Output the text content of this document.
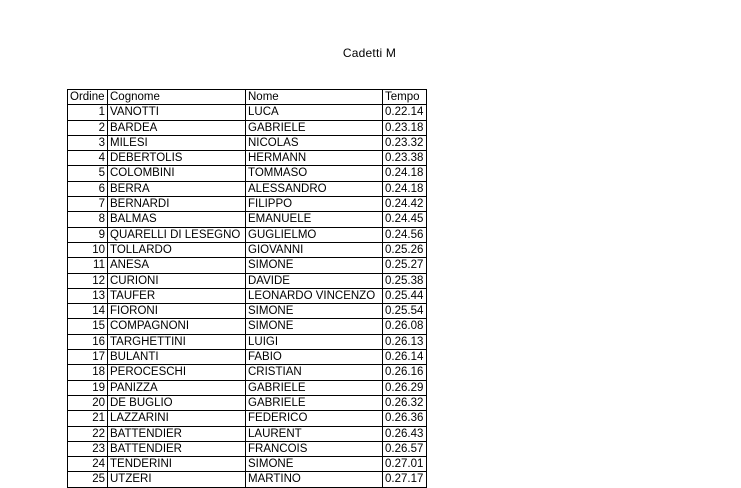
Cadetti M
Ordine	Cognome	Nome	Tempo
1	VANOTTI	LUCA	0.22.14
2	BARDEA	GABRIELE	0.23.18
3	MILESI	NICOLAS	0.23.32
4	DEBERTOLIS	HERMANN	0.23.38
5	COLOMBINI	TOMMASO	0.24.18
6	BERRA	ALESSANDRO	0.24.18
7	BERNARDI	FILIPPO	0.24.42
8	BALMAS	EMANUELE	0.24.45
9	QUARELLI DI LESEGNO	GUGLIELMO	0.24.56
10	TOLLARDO	GIOVANNI	0.25.26
11	ANESA	SIMONE	0.25.27
12	CURIONI	DAVIDE	0.25.38
13	TAUFER	LEONARDO VINCENZO	0.25.44
14	FIORONI	SIMONE	0.25.54
15	COMPAGNONI	SIMONE	0.26.08
16	TARGHETTINI	LUIGI	0.26.13
17	BULANTI	FABIO	0.26.14
18	PEROCESCHI	CRISTIAN	0.26.16
19	PANIZZA	GABRIELE	0.26.29
20	DE BUGLIO	GABRIELE	0.26.32
21	LAZZARINI	FEDERICO	0.26.36
22	BATTENDIER	LAURENT	0.26.43
23	BATTENDIER	FRANCOIS	0.26.57
24	TENDERINI	SIMONE	0.27.01
25	UTZERI	MARTINO	0.27.17
